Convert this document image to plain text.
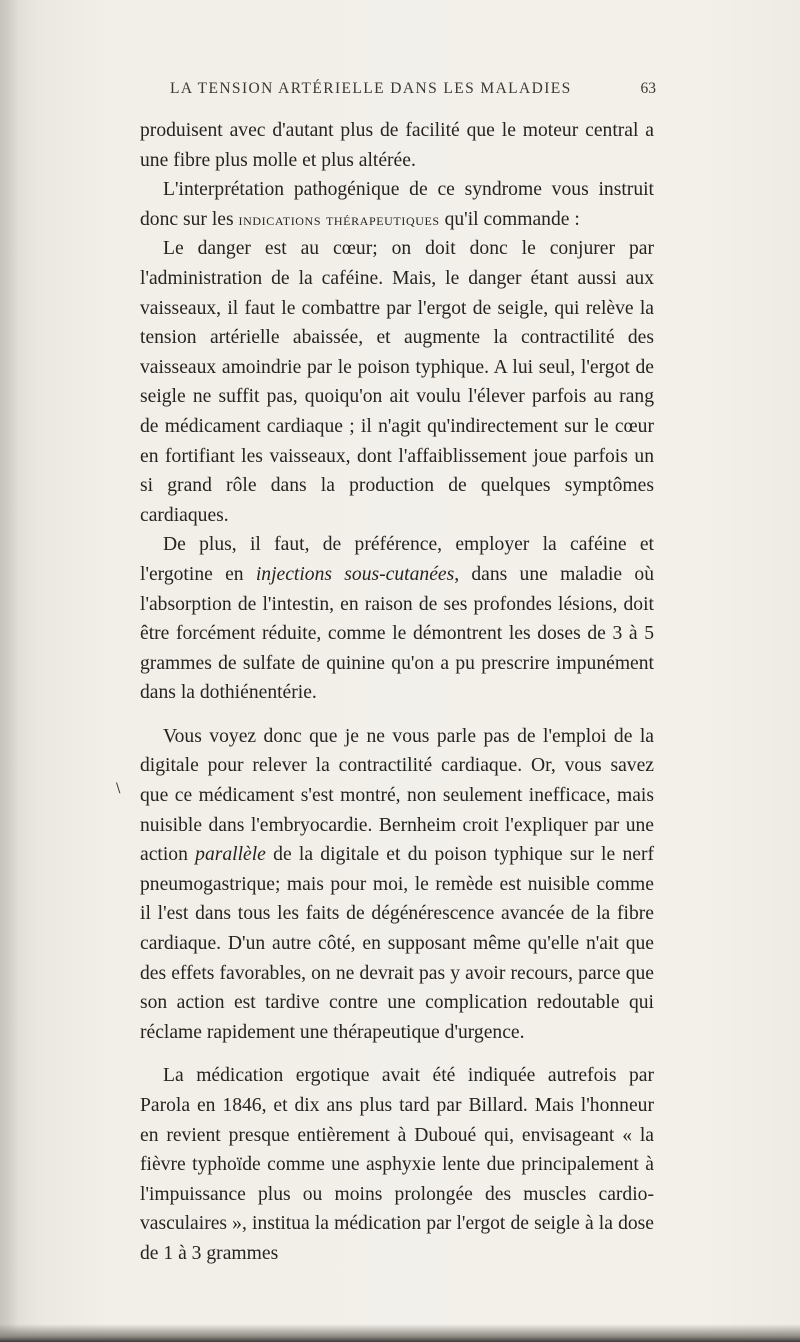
LA TENSION ARTÉRIELLE DANS LES MALADIES	63
\

produisent avec d'autant plus de facilité que le moteur central a une fibre plus molle et plus altérée.

L'interprétation pathogénique de ce syndrome vous instruit donc sur les indications thérapeutiques qu'il commande :

Le danger est au cœur; on doit donc le conjurer par l'administration de la caféine. Mais, le danger étant aussi aux vaisseaux, il faut le combattre par l'ergot de seigle, qui relève la tension artérielle abaissée, et augmente la contractilité des vaisseaux amoindrie par le poison typhique. A lui seul, l'ergot de seigle ne suffit pas, quoiqu'on ait voulu l'élever parfois au rang de médicament cardiaque ; il n'agit qu'indirectement sur le cœur en fortifiant les vaisseaux, dont l'affaiblissement joue parfois un si grand rôle dans la production de quelques symptômes cardiaques.

De plus, il faut, de préférence, employer la caféine et l'ergotine en injections sous-cutanées, dans une maladie où l'absorption de l'intestin, en raison de ses profondes lésions, doit être forcément réduite, comme le démontrent les doses de 3 à 5 grammes de sulfate de quinine qu'on a pu prescrire impunément dans la dothiénentérie.

Vous voyez donc que je ne vous parle pas de l'emploi de la digitale pour relever la contractilité cardiaque. Or, vous savez que ce médicament s'est montré, non seulement inefficace, mais nuisible dans l'embryocardie. Bernheim croit l'expliquer par une action parallèle de la digitale et du poison typhique sur le nerf pneumogastrique; mais pour moi, le remède est nuisible comme il l'est dans tous les faits de dégénérescence avancée de la fibre cardiaque. D'un autre côté, en supposant même qu'elle n'ait que des effets favorables, on ne devrait pas y avoir recours, parce que son action est tardive contre une complication redoutable qui réclame rapidement une thérapeutique d'urgence.

La médication ergotique avait été indiquée autrefois par Parola en 1846, et dix ans plus tard par Billard. Mais l'honneur en revient presque entièrement à Duboué qui, envisageant « la fièvre typhoïde comme une asphyxie lente due principalement à l'impuissance plus ou moins prolongée des muscles cardio-vasculaires », institua la médication par l'ergot de seigle à la dose de 1 à 3 grammes
